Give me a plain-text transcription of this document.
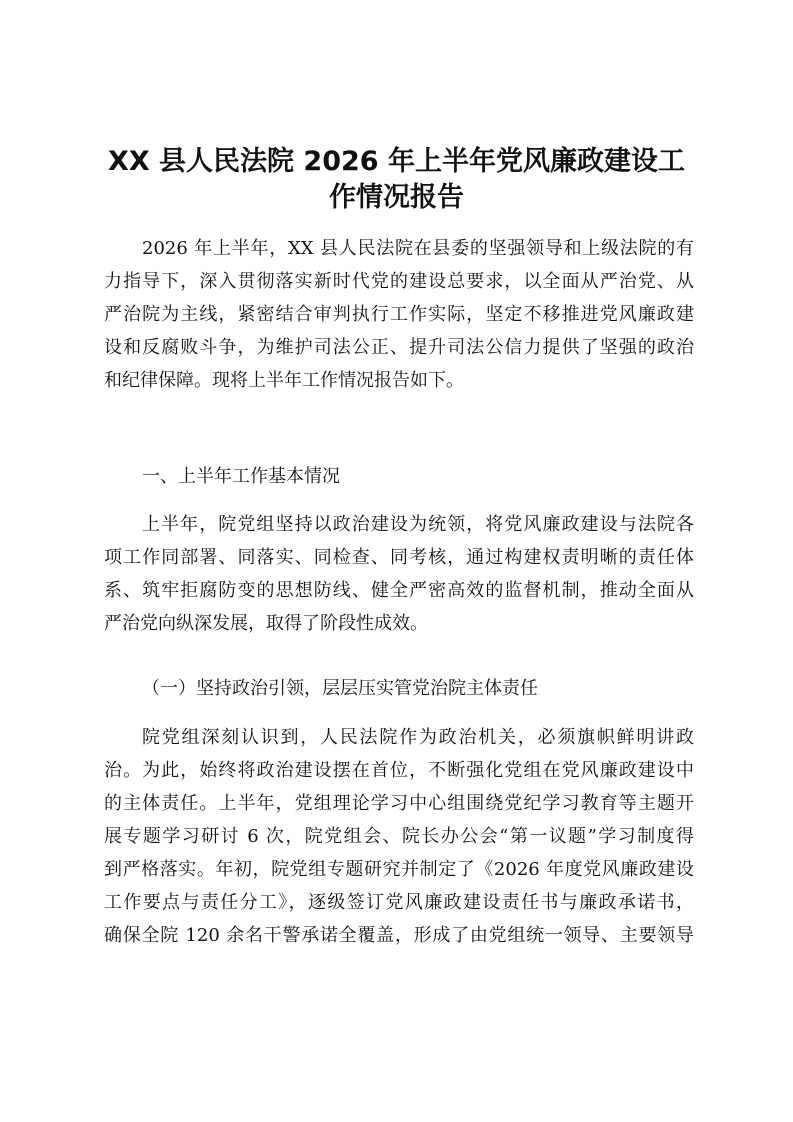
XX 县人民法院 2026 年上半年党风廉政建设工
作情况报告
2026 年上半年，XX 县人民法院在县委的坚强领导和上级法院的有
力指导下，深入贯彻落实新时代党的建设总要求，以全面从严治党、从
严治院为主线，紧密结合审判执行工作实际，坚定不移推进党风廉政建
设和反腐败斗争，为维护司法公正、提升司法公信力提供了坚强的政治
和纪律保障。现将上半年工作情况报告如下。
一、上半年工作基本情况
上半年，院党组坚持以政治建设为统领，将党风廉政建设与法院各
项工作同部署、同落实、同检查、同考核，通过构建权责明晰的责任体
系、筑牢拒腐防变的思想防线、健全严密高效的监督机制，推动全面从
严治党向纵深发展，取得了阶段性成效。
（一）坚持政治引领，层层压实管党治院主体责任
院党组深刻认识到，人民法院作为政治机关，必须旗帜鲜明讲政
治。为此，始终将政治建设摆在首位，不断强化党组在党风廉政建设中
的主体责任。上半年，党组理论学习中心组围绕党纪学习教育等主题开
展专题学习研讨 6 次，院党组会、院长办公会“第一议题”学习制度得
到严格落实。年初，院党组专题研究并制定了《2026 年度党风廉政建设
工作要点与责任分工》，逐级签订党风廉政建设责任书与廉政承诺书，
确保全院 120 余名干警承诺全覆盖，形成了由党组统一领导、主要领导
